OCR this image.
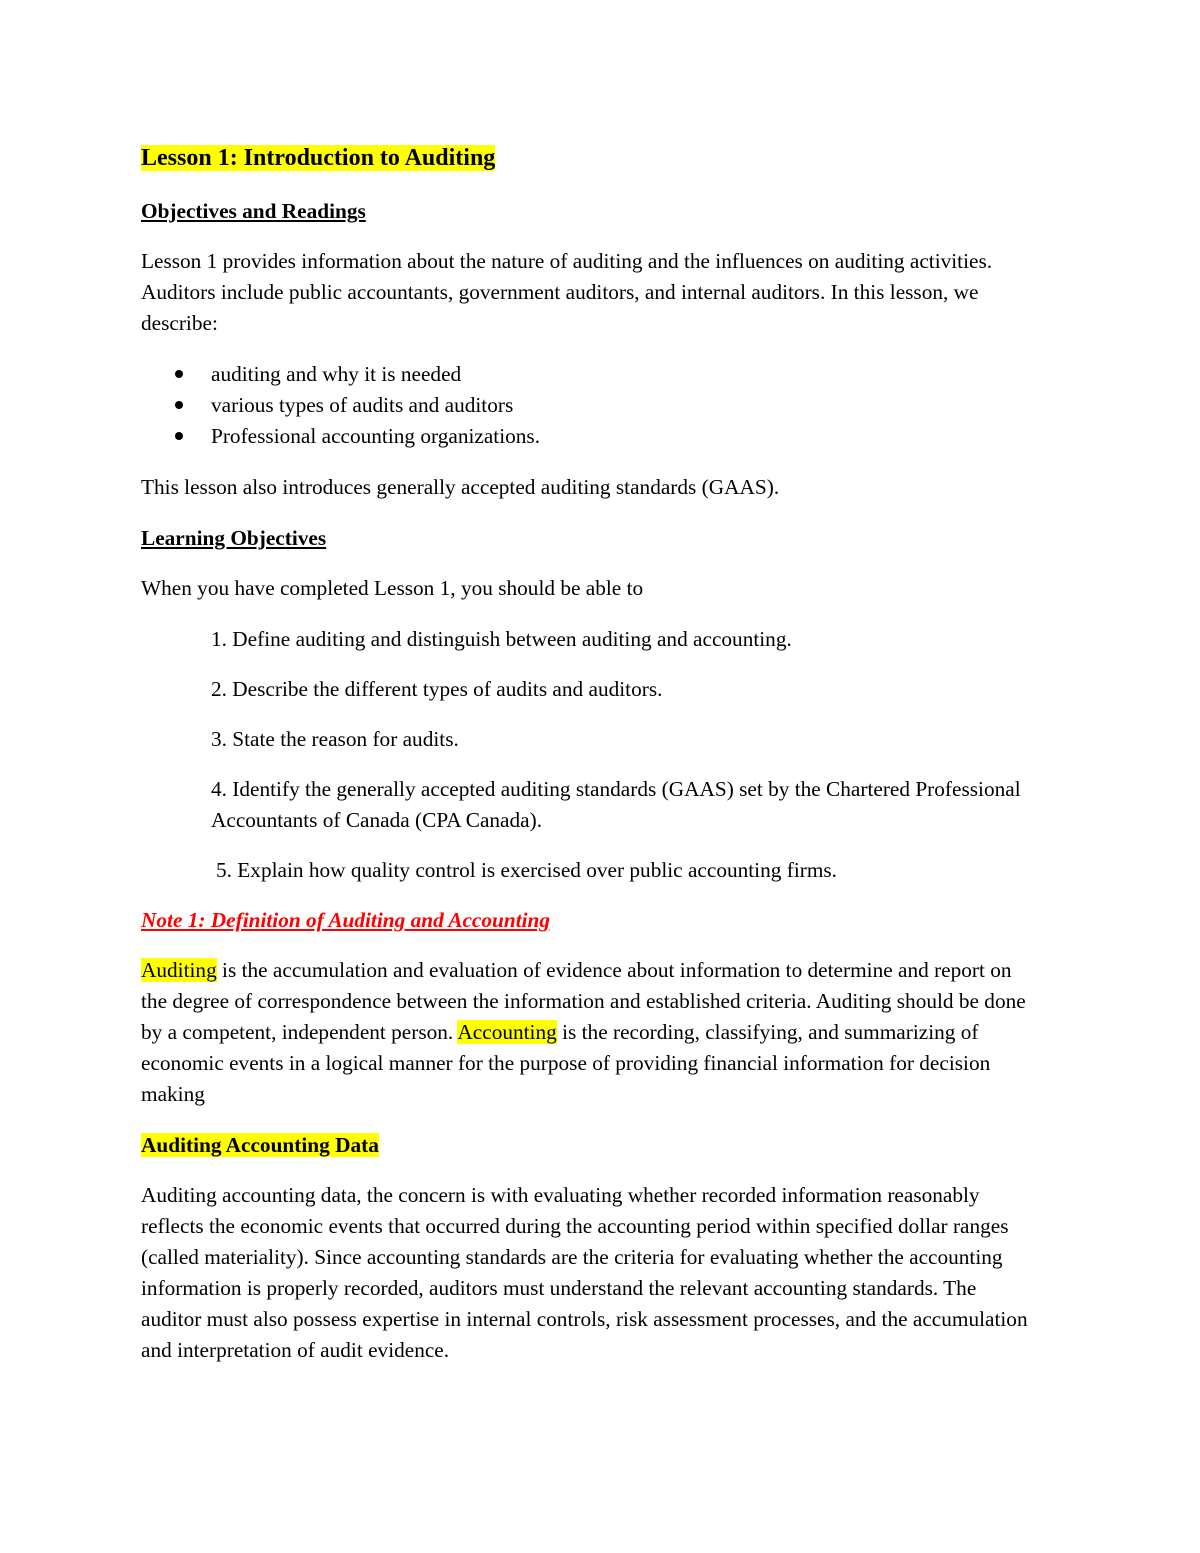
Lesson 1: Introduction to Auditing

Objectives and Readings

Lesson 1 provides information about the nature of auditing and the influences on auditing activities. Auditors include public accountants, government auditors, and internal auditors. In this lesson, we describe:

auditing and why it is needed
various types of audits and auditors
Professional accounting organizations.

This lesson also introduces generally accepted auditing standards (GAAS).

Learning Objectives

When you have completed Lesson 1, you should be able to

1. Define auditing and distinguish between auditing and accounting.
2. Describe the different types of audits and auditors.
3. State the reason for audits.
4. Identify the generally accepted auditing standards (GAAS) set by the Chartered Professional Accountants of Canada (CPA Canada).
5. Explain how quality control is exercised over public accounting firms.

Note 1: Definition of Auditing and Accounting

Auditing is the accumulation and evaluation of evidence about information to determine and report on the degree of correspondence between the information and established criteria. Auditing should be done by a competent, independent person. Accounting is the recording, classifying, and summarizing of economic events in a logical manner for the purpose of providing financial information for decision making

Auditing Accounting Data

Auditing accounting data, the concern is with evaluating whether recorded information reasonably reflects the economic events that occurred during the accounting period within specified dollar ranges (called materiality). Since accounting standards are the criteria for evaluating whether the accounting information is properly recorded, auditors must understand the relevant accounting standards. The auditor must also possess expertise in internal controls, risk assessment processes, and the accumulation and interpretation of audit evidence.
